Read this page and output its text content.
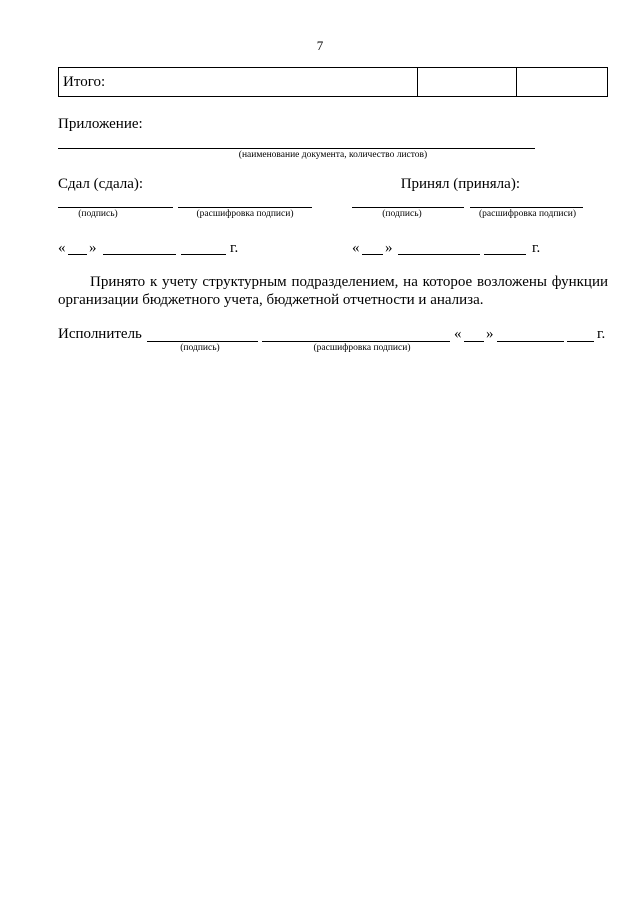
7
Итого:		
Приложение:
(наименование документа, количество листов)
Сдал (сдала):
(подпись)	(расшифровка подписи)
Принял (приняла):
(подпись)	(расшифровка подписи)
« »	г.	« »	г.
Принято к учету структурным подразделением, на которое возложены функции организации бюджетного учета, бюджетной отчетности и анализа.
Исполнитель	« »	г.
(подпись)	(расшифровка подписи)
